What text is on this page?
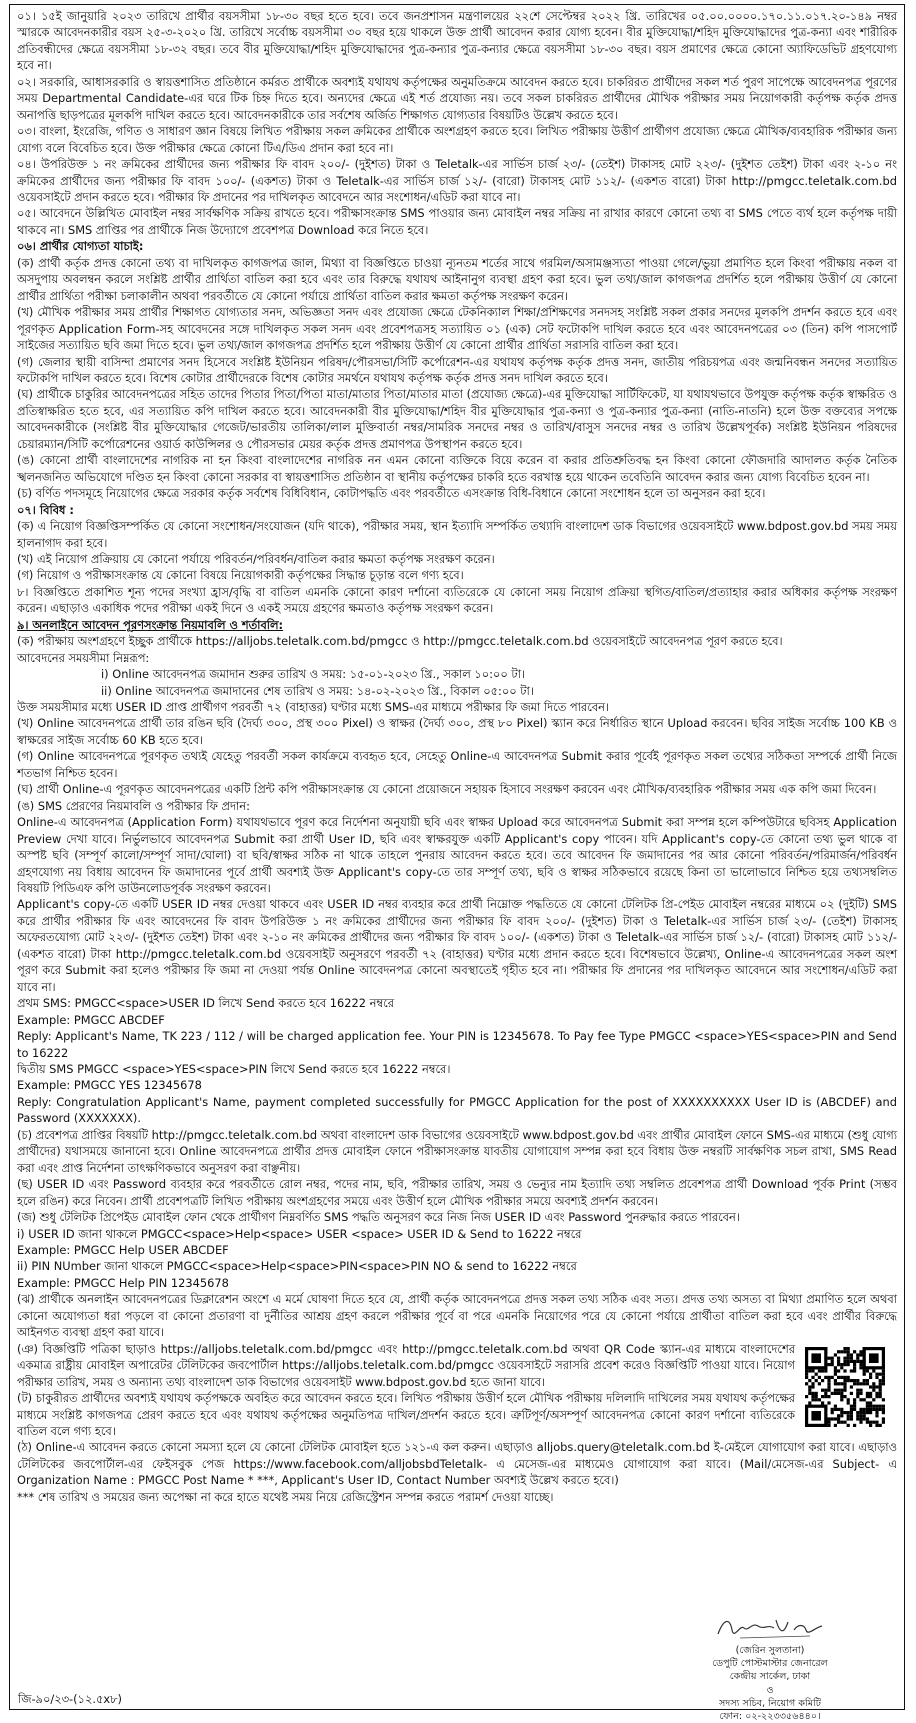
০১। ১৫ই জানুয়ারি ২০২৩ তারিখে প্রার্থীর বয়সসীমা ১৮-৩০ বছর হতে হবে। তবে জনপ্রশাসন মন্ত্রণালয়ের ২২শে সেপ্টেম্বর ২০২২ খ্রি. তারিখের ০৫.০০.০০০০.১৭০.১১.০১৭.২০-১৪৯ নম্বর স্মারকে আবেদনকারীর বয়স ২৫-৩-২০২০ খ্রি. তারিখে সর্বোচ্চ বয়সসীমা ৩০ বছর হয়ে থাকলে উক্ত প্রার্থী আবেদন করার যোগ্য হবেন। বীর মুক্তিযোদ্ধা/শহিদ মুক্তিযোদ্ধাদের পুত্র-কন্যা এবং শারীরিক প্রতিবন্ধীদের ক্ষেত্রে বয়সসীমা ১৮-৩২ বছর। তবে বীর মুক্তিযোদ্ধা/শহিদ মুক্তিযোদ্ধাদের পুত্র-কন্যার পুত্র-কন্যার ক্ষেত্রে বয়সসীমা ১৮-৩০ বছর। বয়স প্রমাণের ক্ষেত্রে কোনো অ্যাফিডেভিট গ্রহণযোগ্য হবে না।

০২। সরকারি, আধাসরকারি ও স্বায়ত্তশাসিত প্রতিষ্ঠানে কর্মরত প্রার্থীকে অবশ্যই যথাযথ কর্তৃপক্ষের অনুমতিক্রমে আবেদন করতে হবে। চাকরিরত প্রার্থীদের সকল শর্ত পুরণ সাপেক্ষে আবেদনপত্র পূরণের সময় Departmental Candidate-এর ঘরে টিক চিহ্ন দিতে হবে। অন্যদের ক্ষেত্রে এই শর্ত প্রযোজ্য নয়। তবে সকল চাকরিরত প্রার্থীদের মৌখিক পরীক্ষার সময় নিয়োগকারী কর্তৃপক্ষ কর্তৃক প্রদত্ত অনাপত্তি ছাড়পত্রের মূলকপি দাখিল করতে হবে। আবেদনকারীকে তার সর্বশেষ অর্জিত শিক্ষাগত যোগ্যতার বিষয়টিও উল্লেখ করতে হবে।

০৩। বাংলা, ইংরেজি, গণিত ও সাধারণ জ্ঞান বিষয়ে লিখিত পরীক্ষায় সকল ক্রমিকের প্রার্থীকে অংশগ্রহণ করতে হবে। লিখিত পরীক্ষায় উত্তীর্ণ প্রার্থীগণ প্রযোজ্য ক্ষেত্রে মৌখিক/ব্যবহারিক পরীক্ষার জন্য যোগ্য বলে বিবেচিত হবে। উক্ত পরীক্ষার ক্ষেত্রে কোনো টিএ/ডিএ প্রদান করা হবে না।

০৪। উপরিউক্ত ১ নং ক্রমিকের প্রার্থীদের জন্য পরীক্ষার ফি বাবদ ২০০/- (দুইশত) টাকা ও Teletalk-এর সার্ভিস চার্জ ২৩/- (তেইশ) টাকাসহ মোট ২২৩/- (দুইশত তেইশ) টাকা এবং ২-১০ নং ক্রমিকের প্রার্থীদের জন্য পরীক্ষার ফি বাবদ ১০০/- (একশত) টাকা ও Teletalk-এর সার্ভিস চার্জ ১২/- (বারো) টাকাসহ মোট ১১২/- (একশত বারো) টাকা http://pmgcc.teletalk.com.bd ওয়েবসাইটে প্রদান করতে হবে। পরীক্ষার ফি প্রদানের পর দাখিলকৃত আবেদনে আর সংশোধন/এডিট করা যাবে না।

০৫। আবেদনে উল্লিখিত মোবাইল নম্বর সার্বক্ষণিক সক্রিয় রাখতে হবে। পরীক্ষাসংক্রান্ত SMS পাওয়ার জন্য মোবাইল নম্বর সক্রিয় না রাখার কারণে কোনো তথ্য বা SMS পেতে ব্যর্থ হলে কর্তৃপক্ষ দায়ী থাকবে না। SMS প্রাপ্তির পর প্রার্থীকে নিজ উদ্যোগে প্রবেশপত্র Download করে নিতে হবে।

০৬। প্রার্থীর যোগ্যতা যাচাই:

(ক) প্রার্থী কর্তৃক প্রদত্ত কোনো তথ্য বা দাখিলকৃত কাগজপত্র জাল, মিথ্যা বা বিজ্ঞপ্তিতে চাওয়া ন্যূনতম শর্তের সাথে গরমিল/অসামঞ্জস্যতা পাওয়া গেলে/ভুয়া প্রমাণিত হলে কিংবা পরীক্ষায় নকল বা অসদুপায় অবলম্বন করলে সংশ্লিষ্ট প্রার্থীর প্রার্থিতা বাতিল করা হবে এবং তার বিরুদ্ধে যথাযথ আইনানুগ ব্যবস্থা গ্রহণ করা হবে। ভুল তথ্য/জাল কাগজপত্র প্রদর্শিত হলে পরীক্ষায় উত্তীর্ণ যে কোনো প্রার্থীর প্রার্থিতা পরীক্ষা চলাকালীন অথবা পরবর্তীতে যে কোনো পর্যায়ে প্রার্থিতা বাতিল করার ক্ষমতা কর্তৃপক্ষ সংরক্ষণ করেন।

(খ) মৌখিক পরীক্ষার সময় প্রার্থীর শিক্ষাগত যোগ্যতার সনদ, অভিজ্ঞতা সনদ এবং প্রযোজ্য ক্ষেত্রে টেকনিক্যাল শিক্ষা/প্রশিক্ষণের সনদসহ সংশ্লিষ্ট সকল প্রকার সনদের মূলকপি প্রদর্শন করতে হবে এবং পূরণকৃত Application Form-সহ আবেদনের সঙ্গে দাখিলকৃত সকল সনদ এবং প্রবেশপত্রসহ সত্যায়িত ০১ (এক) সেট ফটোকপি দাখিল করতে হবে এবং আবেদনপত্রের ০৩ (তিন) কপি পাসপোর্ট সাইজের সত্যায়িত ছবি জমা দিতে হবে। ভুল তথ্য/জাল কাগজপত্র প্রদর্শিত হলে পরীক্ষায় উত্তীর্ণ যে কোনো প্রার্থীর প্রার্থিতা সরাসরি বাতিল করা হবে।

(গ) জেলার স্থায়ী বাসিন্দা প্রমাণের সনদ হিসেবে সংশ্লিষ্ট ইউনিয়ন পরিষদ/পৌরসভা/সিটি কর্পোরেশন-এর যথাযথ কর্তৃপক্ষ কর্তৃক প্রদত্ত সনদ, জাতীয় পরিচয়পত্র এবং জন্মনিবন্ধন সনদের সত্যায়িত ফটোকপি দাখিল করতে হবে। বিশেষ কোটার প্রার্থীদেরকে বিশেষ কোটার সমর্থনে যথাযথ কর্তৃপক্ষ কর্তৃক প্রদত্ত সনদ দাখিল করতে হবে।

(ঘ) প্রার্থীকে চাকুরির আবেদনপত্রের সহিত তাদের পিতার পিতা/পিতা মাতা/মাতার পিতা/মাতার মাতা (প্রযোজ্য ক্ষেত্রে)-এর মুক্তিযোদ্ধা সার্টিফিকেট, যা যথাযথভাবে উপযুক্ত কর্তৃপক্ষ কর্তৃক স্বাক্ষরিত ও প্রতিস্বাক্ষরিত হতে হবে, এর সত্যায়িত কপি দাখিল করতে হবে। আবেদনকারী বীর মুক্তিযোদ্ধা/শহিদ বীর মুক্তিযোদ্ধার পুত্র-কন্যা ও পুত্র-কন্যার পুত্র-কন্যা (নাতি-নাতনি) হলে উক্ত বক্তব্যের সপক্ষে আবেদনকারীকে (সংশ্লিষ্ট বীর মুক্তিযোদ্ধার গেজেট/ভারতীয় তালিকা/লাল মুক্তিবার্তা নম্বর/সামরিক সনদের নম্বর ও তারিখ/বাসুস সনদের নম্বর ও তারিখ উল্লেখপূর্বক) সংশ্লিষ্ট ইউনিয়ন পরিষদের চেয়ারম্যান/সিটি কর্পোরেশনের ওয়ার্ড কাউন্সিলর ও পৌরসভার মেয়র কর্তৃক প্রদত্ত প্রমাণপত্র উপস্থাপন করতে হবে।

(ঙ) কোনো প্রার্থী বাংলাদেশের নাগরিক না হন কিংবা বাংলাদেশের নাগরিক নন এমন কোনো ব্যক্তিকে বিয়ে করেন বা করার প্রতিশ্রুতিবদ্ধ হন কিংবা কোনো ফৌজদারি আদালত কর্তৃক নৈতিক স্খলনজনিত অভিযোগে দণ্ডিত হন কিংবা কোনো সরকার বা স্বায়ত্তশাসিত প্রতিষ্ঠান বা স্থানীয় কর্তৃপক্ষের চাকরি হতে বরখাস্ত হয়ে থাকেন তবেতিনি আবেদন করার জন্য যোগ্য বিবেচিত হবেন না।

(চ) বর্ণিত পদসমূহে নিয়োগের ক্ষেত্রে সরকার কর্তৃক সর্বশেষ বিধিবিধান, কোটাপদ্ধতি এবং পরবর্তীতে এসংক্রান্ত বিধি-বিধানে কোনো সংশোধন হলে তা অনুসরন করা হবে।

০৭। বিবিধ :

(ক) এ নিয়োগ বিজ্ঞপ্তিসম্পর্কিত যে কোনো সংশোধন/সংযোজন (যদি থাকে), পরীক্ষার সময়, স্থান ইত্যাদি সম্পর্কিত তথ্যাদি বাংলাদেশ ডাক বিভাগের ওয়েবসাইটে www.bdpost.gov.bd সময় সময় হালনাগাদ করা হবে।

(খ) এই নিয়োগ প্রক্রিয়ায় যে কোনো পর্যায়ে পরিবর্তন/পরিবর্ধন/বাতিল করার ক্ষমতা কর্তৃপক্ষ সংরক্ষণ করেন।

(গ) নিয়োগ ও পরীক্ষাসংক্রান্ত যে কোনো বিষয়ে নিয়োগকারী কর্তৃপক্ষের সিদ্ধান্ত চূড়ান্ত বলে গণ্য হবে।

৮। বিজ্ঞপ্তিতে প্রকাশিত শূন্য পদের সংখ্যা হ্রাস/বৃদ্ধি বা বাতিল এমনকি কোনো কারণ দর্শানো ব্যতিরেকে যে কোনো সময় নিয়োগ প্রক্রিয়া স্থগিত/বাতিল/প্রত্যাহার করার অধিকার কর্তৃপক্ষ সংরক্ষণ করেন। এছাড়াও একাধিক পদের পরীক্ষা একই দিনে ও একই সময়ে গ্রহণের ক্ষমতাও কর্তৃপক্ষ সংরক্ষণ করেন।

৯। অনলাইনে আবেদন পূরণসংক্রান্ত নিয়মাবলি ও শর্তাবলি:

(ক) পরীক্ষায় অংশগ্রহণে ইচ্ছুক প্রার্থীকে https://alljobs.teletalk.com.bd/pmgcc ও http://pmgcc.teletalk.com.bd ওয়েবসাইটে আবেদনপত্র পূরণ করতে হবে।

আবেদনের সময়সীমা নিম্নরূপ:

i) Online আবেদনপত্র জমাদান শুরুর তারিখ ও সময়: ১৫-০১-২০২৩ খ্রি., সকাল ১০:০০ টা।

ii) Online আবেদনপত্র জমাদানের শেষ তারিখ ও সময়: ১৪-০২-২০২৩ খ্রি., বিকাল ০৫:০০ টা।

উক্ত সময়সীমার মধ্যে USER ID প্রাপ্ত প্রার্থীগণ পরবর্তী ৭২ (বাহাত্তর) ঘণ্টার মধ্যে SMS-এর মাধ্যমে পরীক্ষার ফি জমা দিতে পারবেন।

(খ) Online আবেদনপত্রে প্রার্থী তার রঙিন ছবি (দৈর্ঘ্য ৩০০, প্রস্থ ৩০০ Pixel) ও স্বাক্ষর (দৈর্ঘ্য ৩০০, প্রস্থ ৮০ Pixel) স্ক্যান করে নির্ধারিত স্থানে Upload করবেন। ছবির সাইজ সর্বোচ্চ 100 KB ও স্বাক্ষরের সাইজ সর্বোচ্চ 60 KB হতে হবে।

(গ) Online আবেদনপত্রে পূরণকৃত তথ্যই যেহেতু পরবর্তী সকল কার্যক্রমে ব্যবহৃত হবে, সেহেতু Online-এ আবেদনপত্র Submit করার পূর্বেই পূরণকৃত সকল তথ্যের সঠিকতা সম্পর্কে প্রার্থী নিজে শতভাগ নিশ্চিত হবেন।

(ঘ) প্রার্থী Online-এ পূরণকৃত আবেদনপত্রের একটি প্রিন্ট কপি পরীক্ষাসংক্রান্ত যে কোনো প্রয়োজনে সহায়ক হিসাবে সংরক্ষণ করবেন এবং মৌখিক/ব্যবহারিক পরীক্ষার সময় এক কপি জমা দিবেন।

(ঙ) SMS প্রেরণের নিয়মাবলি ও পরীক্ষার ফি প্রদান:

Online-এ আবেদনপত্র (Application Form) যথাযথভাবে পূরণ করে নির্দেশনা অনুযায়ী ছবি এবং স্বাক্ষর Upload করে আবেদনপত্র Submit করা সম্পন্ন হলে কম্পিউটারে ছবিসহ Application Preview দেখা যাবে। নির্ভুলভাবে আবেদনপত্র Submit করা প্রার্থী User ID, ছবি এবং স্বাক্ষরযুক্ত একটি Applicant's copy পাবেন। যদি Applicant's copy-তে কোনো তথ্য ভুল থাকে বা অস্পষ্ট ছবি (সম্পূর্ণ কালো/সম্পূর্ণ সাদা/ঘোলা) বা ছবি/স্বাক্ষর সঠিক না থাকে তাহলে পুনরায় আবেদন করতে হবে। তবে আবেদন ফি জমাদানের পর আর কোনো পরিবর্তন/পরিমার্জন/পরিবর্ধন গ্রহণযোগ্য নয় বিধায় আবেদন ফি জমাদানের পূর্বে প্রার্থী অবশ্যই উক্ত Applicant's copy-তে তার সম্পূর্ণ তথ্য, ছবি ও স্বাক্ষর সঠিকভাবে রয়েছে কিনা তা ভালোভাবে নিশ্চিত হয়ে তথ্যসম্বলিত বিষয়টি পিডিএফ কপি ডাউনলোডপূর্বক সংরক্ষণ করবেন।

Applicant's copy-তে একটি USER ID নম্বর দেওয়া থাকবে এবং USER ID নম্বর ব্যবহার করে প্রার্থী নিম্নোক্ত পদ্ধতিতে যে কোনো টেলিটক প্রি-পেইড মোবাইল নম্বরের মাধ্যমে ০২ (দুইটি) SMS করে প্রার্থীর পরীক্ষার ফি এবং আবেদনের ফি বাবদ উপরিউক্ত ১ নং ক্রমিকের প্রার্থীদের জন্য পরীক্ষার ফি বাবদ ২০০/- (দুইশত) টাকা ও Teletalk-এর সার্ভিস চার্জ ২৩/- (তেইশ) টাকাসহ অফেরতযোগ্য মোট ২২৩/- (দুইশত তেইশ) টাকা এবং ২-১০ নং ক্রমিকের প্রার্থীদের জন্য পরীক্ষার ফি বাবদ ১০০/- (একশত) টাকা ও Teletalk-এর সার্ভিস চার্জ ১২/- (বারো) টাকাসহ মোট ১১২/- (একশত বারো) টাকা http://pmgcc.teletalk.com.bd ওয়েবসাইট অনুসরণে পরবর্তী ৭২ (বাহাত্তর) ঘণ্টার মধ্যে প্রদান করতে হবে। বিশেষভাবে উল্লেখ্য, Online-এ আবেদনপত্রের সকল অংশ পূরণ করে Submit করা হলেও পরীক্ষার ফি জমা না দেওয়া পর্যন্ত Online আবেদনপত্র কোনো অবস্থাতেই গৃহীত হবে না। পরীক্ষার ফি প্রদানের পর দাখিলকৃত আবেদনে আর সংশোধন/এডিট করা যাবে না।

প্রথম SMS: PMGCC<space>USER ID লিখে Send করতে হবে 16222 নম্বরে

Example: PMGCC ABCDEF

Reply: Applicant's Name, TK 223 / 112 / will be charged application fee. Your PIN is 12345678. To Pay fee Type PMGCC <space>YES<space>PIN and Send to 16222

দ্বিতীয় SMS PMGCC <space>YES<space>PIN লিখে Send করতে হবে 16222 নম্বরে।

Example: PMGCC YES 12345678

Reply: Congratulation Applicant's Name, payment completed successfully for PMGCC Application for the post of XXXXXXXXXX User ID is (ABCDEF) and Password (XXXXXXX).

(চ) প্রবেশপত্র প্রাপ্তির বিষয়টি http://pmgcc.teletalk.com.bd অথবা বাংলাদেশ ডাক বিভাগের ওয়েবসাইটে www.bdpost.gov.bd এবং প্রার্থীর মোবাইল ফোনে SMS-এর মাধ্যমে (শুধু যোগ্য প্রার্থীদের) যথাসময়ে জানানো হবে। Online আবেদনপত্রে প্রার্থীর প্রদত্ত মোবাইল ফোনে পরীক্ষাসংক্রান্ত যাবতীয় যোগাযোগ সম্পন্ন করা হবে বিধায় উক্ত নম্বরটি সার্বক্ষণিক সচল রাখা, SMS Read করা এবং প্রাপ্ত নির্দেশনা তাৎক্ষণিকভাবে অনুসরণ করা বাঞ্ছনীয়।

(ছ) USER ID এবং Password ব্যবহার করে পরবর্তীতে রোল নম্বর, পদের নাম, ছবি, পরীক্ষার তারিখ, সময় ও ভেন্যুর নাম ইত্যাদি তথ্য সম্বলিত প্রবেশপত্র প্রার্থী Download পূর্বক Print (সম্ভব হলে রঙিন) করে নিবেন। প্রার্থী প্রবেশপত্রটি লিখিত পরীক্ষায় অংশগ্রহণের সময়ে এবং উত্তীর্ণ হলে মৌখিক পরীক্ষার সময়ে অবশ্যই প্রদর্শন করবেন।

(জ) শুধু টেলিটক প্রিপেইড মোবাইল ফোন থেকে প্রার্থীগণ নিম্নবর্ণিত SMS পদ্ধতি অনুসরণ করে নিজ নিজ USER ID এবং Password পুনরুদ্ধার করতে পারবেন।

i) USER ID জানা থাকলে PMGCC<space>Help<space> USER <space> USER ID & Send to 16222 নম্বরে

Example: PMGCC Help USER ABCDEF

ii) PIN NUmber জানা থাকলে PMGCC<space>Help<space>PIN<space>PIN NO & send to 16222 নম্বরে

Example: PMGCC Help PIN 12345678

(ঝ) প্রার্থীকে অনলাইন আবেদনপত্রের ডিক্লারেশন অংশে এ মর্মে ঘোষণা দিতে হবে যে, প্রার্থী কর্তৃক আবেদনপত্রে প্রদত্ত সকল তথ্য সঠিক এবং সত্য। প্রদত্ত তথ্য অসত্য বা মিথ্যা প্রমাণিত হলে অথবা কোনো অযোগ্যতা ধরা পড়লে বা কোনো প্রতারণা বা দুর্নীতির আশ্রয় গ্রহণ করলে পরীক্ষার পূর্বে বা পরে এমনকি নিয়োগের পরে যে কোনো পর্যায়ে প্রার্থীতা বাতিল করা হবে এবং প্রার্থীর বিরুদ্ধে আইনগত ব্যবস্থা গ্রহণ করা যাবে।

(ঞ) বিজ্ঞপ্তিটি পত্রিকা ছাড়াও https://alljobs.teletalk.com.bd/pmgcc এবং http://pmgcc.teletalk.com.bd অথবা QR Code স্ক্যান-এর মাধ্যমে বাংলাদেশের একমাত্র রাষ্ট্রীয় মোবাইল অপারেটর টেলিটকের জবপোর্টাল https://alljobs.teletalk.com.bd/pmgcc ওয়েবসাইটে সরাসরি প্রবেশ করেও বিজ্ঞপ্তিটি পাওয়া যাবে। নিয়োগ পরীক্ষার তারিখ, সময় ও অন্যান্য তথ্য বাংলাদেশ ডাক বিভাগের ওয়েবসাইট www.bdpost.gov.bd হতে জানা যাবে।

(ট) চাকুরীরত প্রার্থীদের অবশ্যই যথাযথ কর্তৃপক্ষকে অবহিত করে আবেদন করতে হবে। লিখিত পরীক্ষায় উত্তীর্ণ হলে মৌখিক পরীক্ষায় দলিলাদি দাখিলের সময় যথাযথ কর্তৃপক্ষের মাধ্যমে সংশ্লিষ্ট কাগজপত্র প্রেরণ করতে হবে এবং যথাযথ কর্তৃপক্ষের অনুমতিপত্র দাখিল/প্রদর্শন করতে হবে। ত্রুটিপূর্ণ/অসম্পূর্ণ আবেদনপত্র কোনো কারণ দর্শানো ব্যতিরেকে বাতিল বলে গণ্য হবে।

(ঠ) Online-এ আবেদন করতে কোনো সমস্যা হলে যে কোনো টেলিটক মোবাইল হতে ১২১-এ কল করুন। এছাড়াও alljobs.query@teletalk.com.bd ই-মেইলে যোগাযোগ করা যাবে। এছাড়াও টেলিটকের জবপোর্টাল-এর ফেইসবুক পেজ https://www.facebook.com/alljobsbdTeletalk- এ মেসেজ-এর মাধ্যমেও যোগাযোগ করা যাবে। (Mail/মেসেজ-এর Subject- এ Organization Name : PMGCC Post Name * ***, Applicant's User ID, Contact Number অবশ্যই উল্লেখ করতে হবে।)

*** শেষ তারিখ ও সময়ের জন্য অপেক্ষা না করে হাতে যথেষ্ট সময় নিয়ে রেজিস্ট্রেশন সম্পন্ন করতে পরামর্শ দেওয়া যাচ্ছে।

(জেরিন সুলতানা)
ডেপুটি পোস্টমাস্টার জেনারেল
কেন্দ্রীয় সার্কেল, ঢাকা
ও
সদস্য সচিব, নিয়োগ কমিটি
ফোন: ০২-২২৩৩৫৬৪৪০।
জি-৯০/২৩-(১২.৫x৮)
